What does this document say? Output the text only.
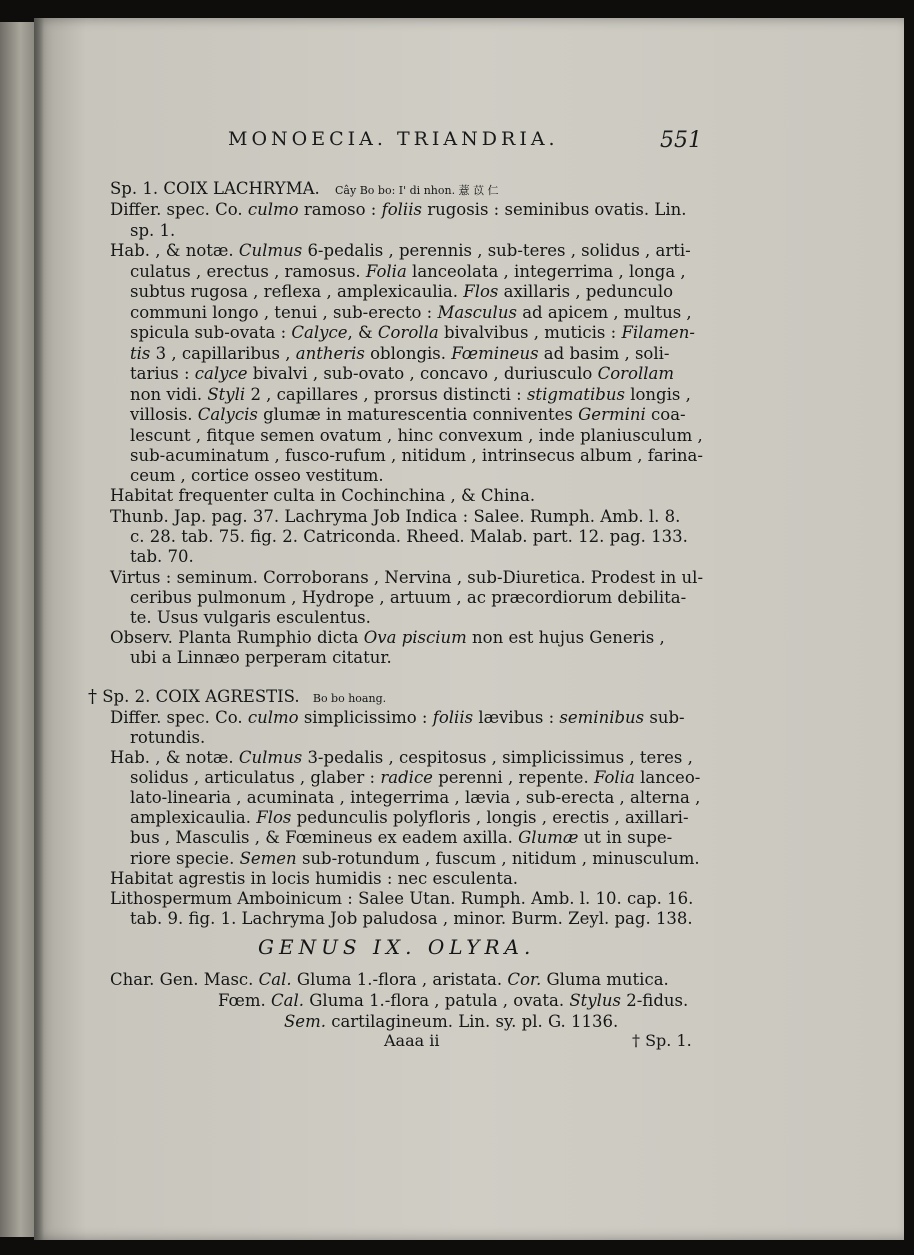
MONOECIA. TRIANDRIA.	551
Sp. 1. COIX LACHRYMA. Cây Bo bo: I' di nhon. 薏 苡 仁
Differ. spec. Co. culmo ramoso : foliis rugosis : seminibus ovatis. Lin.
sp. 1.
Hab. , & notæ. Culmus 6-pedalis , perennis , sub-teres , solidus , arti-
culatus , erectus , ramosus. Folia lanceolata , integerrima , longa ,
subtus rugosa , reflexa , amplexicaulia. Flos axillaris , pedunculo
communi longo , tenui , sub-erecto : Masculus ad apicem , multus ,
spicula sub-ovata : Calyce, & Corolla bivalvibus , muticis : Filamen-
tis 3 , capillaribus , antheris oblongis. Fœmineus ad basim , soli-
tarius : calyce bivalvi , sub-ovato , concavo , duriusculo Corollam
non vidi. Styli 2 , capillares , prorsus distincti : stigmatibus longis ,
villosis. Calycis glumæ in maturescentia conniventes Germini coa-
lescunt , fitque semen ovatum , hinc convexum , inde planiusculum ,
sub-acuminatum , fusco-rufum , nitidum , intrinsecus album , farina-
ceum , cortice osseo vestitum.
Habitat frequenter culta in Cochinchina , & China.
Thunb. Jap. pag. 37. Lachryma Job Indica : Salee. Rumph. Amb. l. 8.
c. 28. tab. 75. fig. 2. Catriconda. Rheed. Malab. part. 12. pag. 133.
tab. 70.
Virtus : seminum. Corroborans , Nervina , sub-Diuretica. Prodest in ul-
ceribus pulmonum , Hydrope , artuum , ac præcordiorum debilita-
te. Usus vulgaris esculentus.
Observ. Planta Rumphio dicta Ova piscium non est hujus Generis ,
ubi a Linnæo perperam citatur.
† Sp. 2. COIX AGRESTIS. Bo bo hoang.
Differ. spec. Co. culmo simplicissimo : foliis lævibus : seminibus sub-
rotundis.
Hab. , & notæ. Culmus 3-pedalis , cespitosus , simplicissimus , teres ,
solidus , articulatus , glaber : radice perenni , repente. Folia lanceo-
lato-linearia , acuminata , integerrima , lævia , sub-erecta , alterna ,
amplexicaulia. Flos pedunculis polyfloris , longis , erectis , axillari-
bus , Masculis , & Fœmineus ex eadem axilla. Glumæ ut in supe-
riore specie. Semen sub-rotundum , fuscum , nitidum , minusculum.
Habitat agrestis in locis humidis : nec esculenta.
Lithospermum Amboinicum : Salee Utan. Rumph. Amb. l. 10. cap. 16.
tab. 9. fig. 1. Lachryma Job paludosa , minor. Burm. Zeyl. pag. 138.
GENUS IX. OLYRA.
Char. Gen. Masc. Cal. Gluma 1.-flora , aristata. Cor. Gluma mutica.
Fœm. Cal. Gluma 1.-flora , patula , ovata. Stylus 2-fidus.
Sem. cartilagineum. Lin. sy. pl. G. 1136.
Aaaa ii	† Sp. 1.
